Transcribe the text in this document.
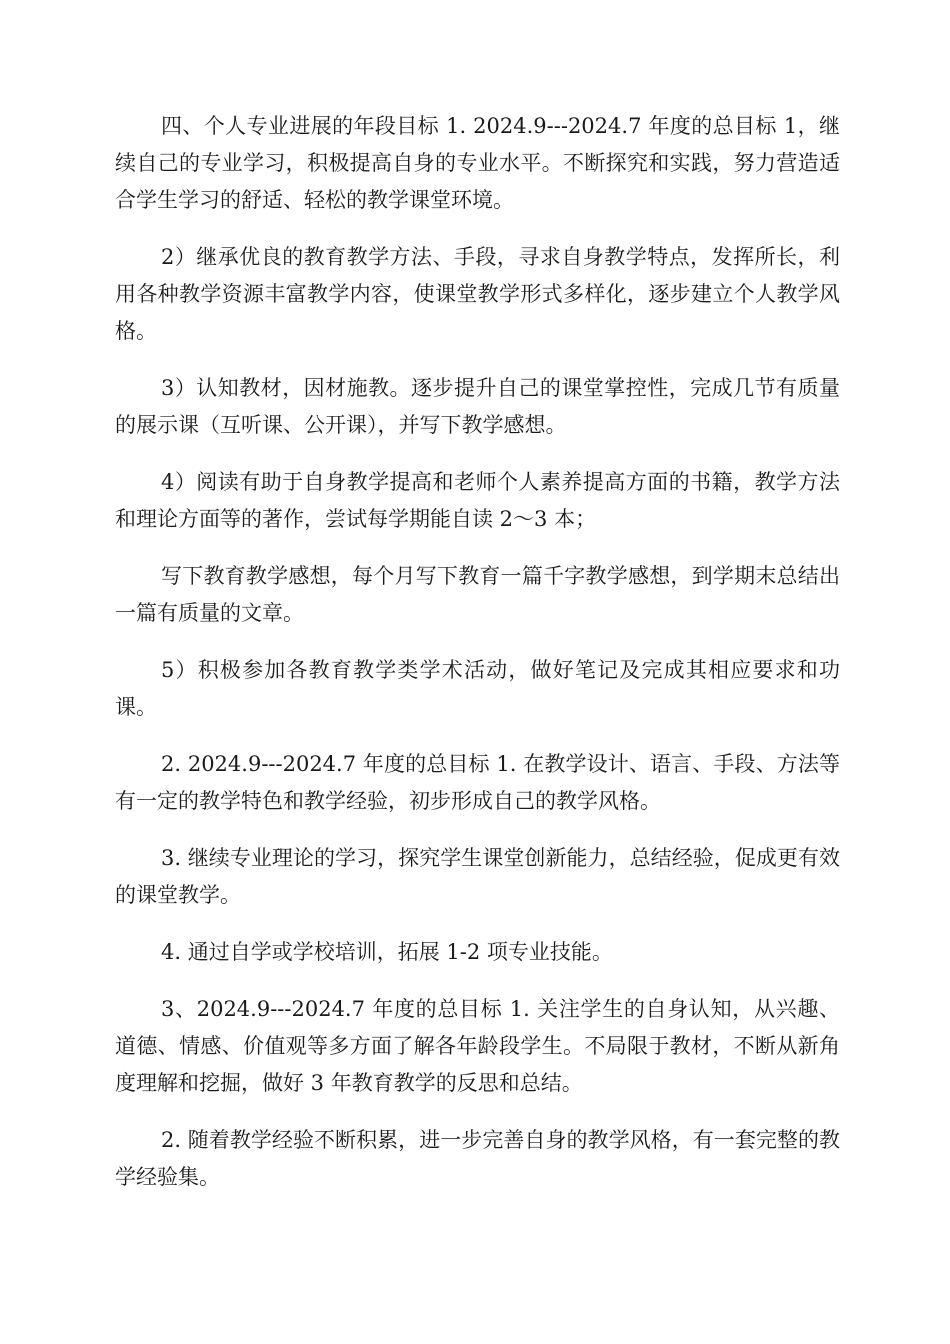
四、个人专业进展的年段目标 1. 2024.9---2024.7 年度的总目标 1，继续自己的专业学习，积极提高自身的专业水平。不断探究和实践，努力营造适合学生学习的舒适、轻松的教学课堂环境。

2）继承优良的教育教学方法、手段，寻求自身教学特点，发挥所长，利用各种教学资源丰富教学内容，使课堂教学形式多样化，逐步建立个人教学风格。

3）认知教材，因材施教。逐步提升自己的课堂掌控性，完成几节有质量的展示课（互听课、公开课），并写下教学感想。

4）阅读有助于自身教学提高和老师个人素养提高方面的书籍，教学方法和理论方面等的著作，尝试每学期能自读 2～3 本；

写下教育教学感想，每个月写下教育一篇千字教学感想，到学期末总结出一篇有质量的文章。

5）积极参加各教育教学类学术活动，做好笔记及完成其相应要求和功课。

2. 2024.9---2024.7 年度的总目标 1. 在教学设计、语言、手段、方法等有一定的教学特色和教学经验，初步形成自己的教学风格。

3. 继续专业理论的学习，探究学生课堂创新能力，总结经验，促成更有效的课堂教学。

4. 通过自学或学校培训，拓展 1-2 项专业技能。

3、2024.9---2024.7 年度的总目标 1. 关注学生的自身认知，从兴趣、道德、情感、价值观等多方面了解各年龄段学生。不局限于教材，不断从新角度理解和挖掘，做好 3 年教育教学的反思和总结。

2. 随着教学经验不断积累，进一步完善自身的教学风格，有一套完整的教学经验集。
